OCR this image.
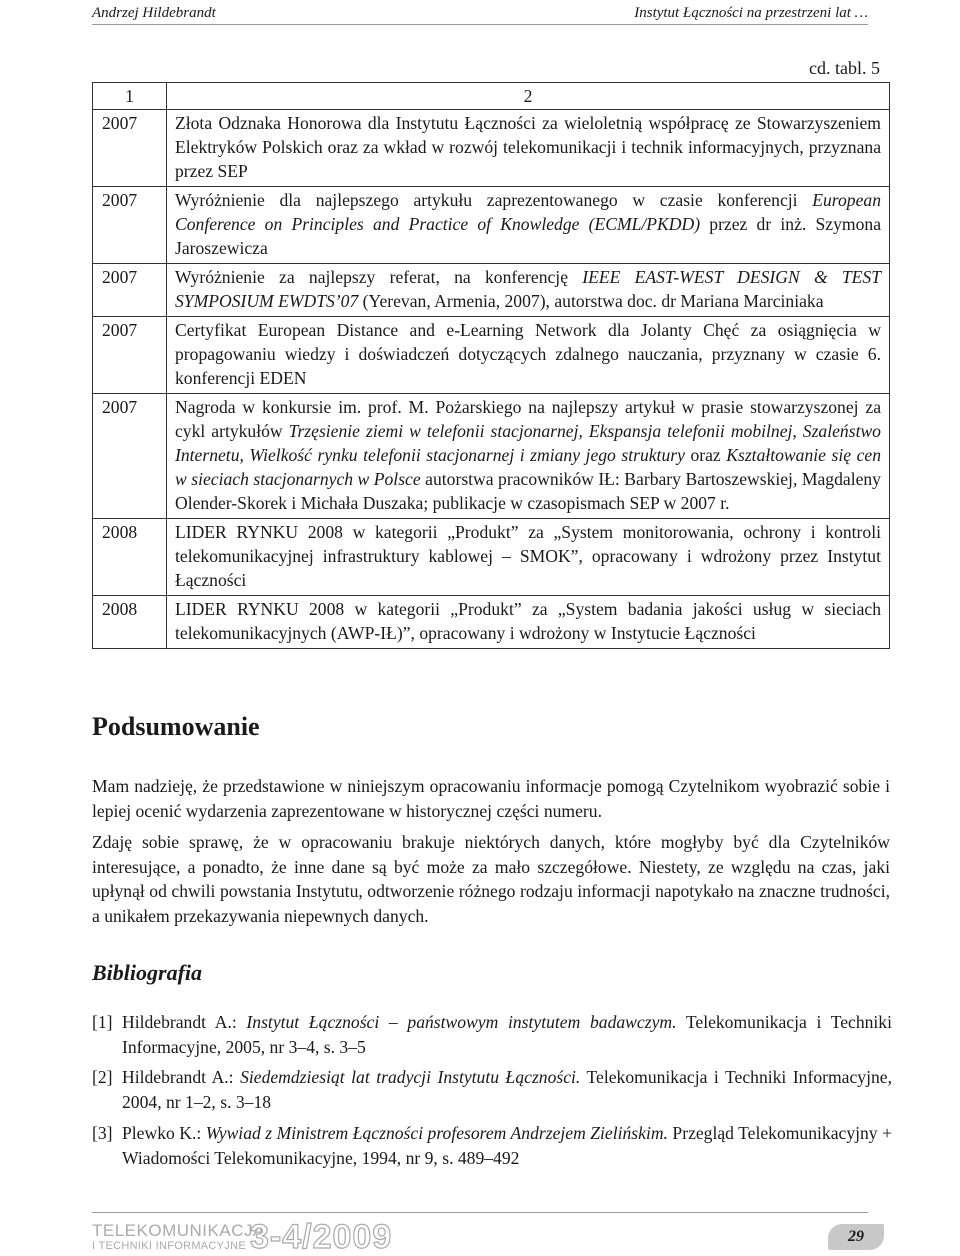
Andrzej Hildebrandt	Instytut Łączności na przestrzeni lat …
cd. tabl. 5
1	2
2007	Złota Odznaka Honorowa dla Instytutu Łączności za wieloletnią współpracę ze Stowarzyszeniem Elektryków Polskich oraz za wkład w rozwój telekomunikacji i technik informacyjnych, przyznana przez SEP
2007	Wyróżnienie dla najlepszego artykułu zaprezentowanego w czasie konferencji European Conference on Principles and Practice of Knowledge (ECML/PKDD) przez dr inż. Szymona Jaroszewicza
2007	Wyróżnienie za najlepszy referat, na konferencję IEEE EAST-WEST DESIGN & TEST SYMPOSIUM EWDTS’07 (Yerevan, Armenia, 2007), autorstwa doc. dr Mariana Marciniaka
2007	Certyfikat European Distance and e-Learning Network dla Jolanty Chęć za osiągnięcia w propagowaniu wiedzy i doświadczeń dotyczących zdalnego nauczania, przyznany w czasie 6. konferencji EDEN
2007	Nagroda w konkursie im. prof. M. Pożarskiego na najlepszy artykuł w prasie stowarzyszonej za cykl artykułów Trzęsienie ziemi w telefonii stacjonarnej, Ekspansja telefonii mobilnej, Szaleństwo Internetu, Wielkość rynku telefonii stacjonarnej i zmiany jego struktury oraz Kształtowanie się cen w sieciach stacjonarnych w Polsce autorstwa pracowników IŁ: Barbary Bartoszewskiej, Magdaleny Olender-Skorek i Michała Duszaka; publikacje w czasopismach SEP w 2007 r.
2008	LIDER RYNKU 2008 w kategorii „Produkt” za „System monitorowania, ochrony i kontroli telekomunikacyjnej infrastruktury kablowej – SMOK”, opracowany i wdrożony przez Instytut Łączności
2008	LIDER RYNKU 2008 w kategorii „Produkt” za „System badania jakości usług w sieciach telekomunikacyjnych (AWP-IŁ)”, opracowany i wdrożony w Instytucie Łączności
Podsumowanie

Mam nadzieję, że przedstawione w niniejszym opracowaniu informacje pomogą Czytelnikom wyobrazić sobie i lepiej ocenić wydarzenia zaprezentowane w historycznej części numeru.

Zdaję sobie sprawę, że w opracowaniu brakuje niektórych danych, które mogłyby być dla Czytelników interesujące, a ponadto, że inne dane są być może za mało szczegółowe. Niestety, ze względu na czas, jaki upłynął od chwili powstania Instytutu, odtworzenie różnego rodzaju informacji napotykało na znaczne trudności, a unikałem przekazywania niepewnych danych.

Bibliografia

[1] Hildebrandt A.: Instytut Łączności – państwowym instytutem badawczym. Telekomunikacja i Techniki Informacyjne, 2005, nr 3–4, s. 3–5

[2] Hildebrandt A.: Siedemdziesiąt lat tradycji Instytutu Łączności. Telekomunikacja i Techniki Informacyjne, 2004, nr 1–2, s. 3–18

[3] Plewko K.: Wywiad z Ministrem Łączności profesorem Andrzejem Zielińskim. Przegląd Telekomunikacyjny + Wiadomości Telekomunikacyjne, 1994, nr 9, s. 489–492

TELEKOMUNIKACJA
I TECHNIKI INFORMACYJNE 3-4/2009	29
